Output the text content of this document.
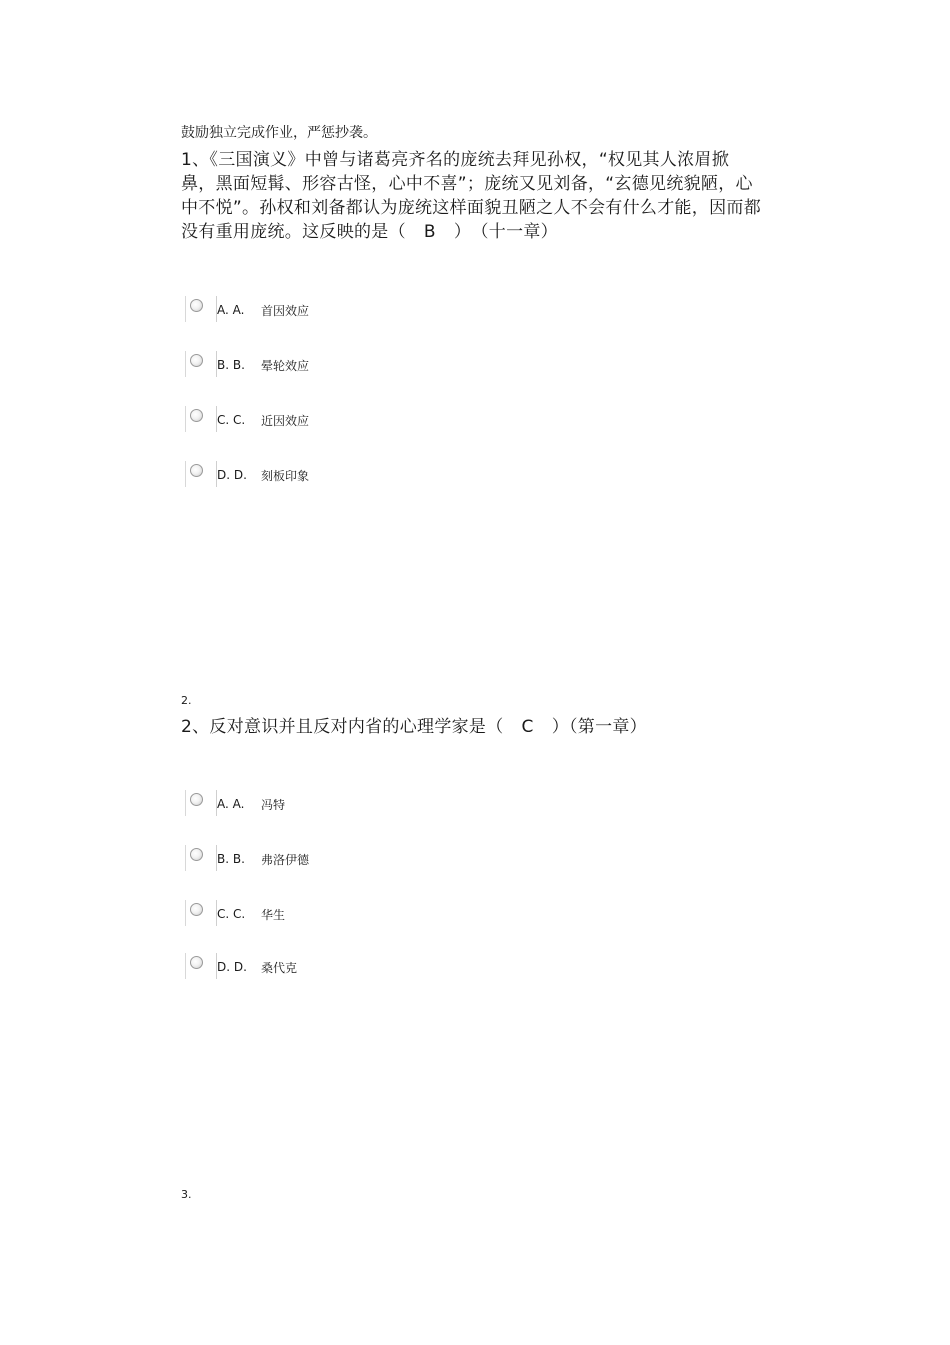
鼓励独立完成作业，严惩抄袭。
1、《三国演义》中曾与诸葛亮齐名的庞统去拜见孙权，“权见其人浓眉掀鼻，黑面短髯、形容古怪，心中不喜”；庞统又见刘备，“玄德见统貌陋，心中不悦”。孙权和刘备都认为庞统这样面貌丑陋之人不会有什么才能，因而都没有重用庞统。这反映的是（ B ）　（十一章）
A. A. 首因效应
B. B. 晕轮效应
C. C. 近因效应
D. D. 刻板印象
2.
2、反对意识并且反对内省的心理学家是（ C ）（第一章）
A. A. 冯特
B. B. 弗洛伊德
C. C. 华生
D. D. 桑代克
3.
